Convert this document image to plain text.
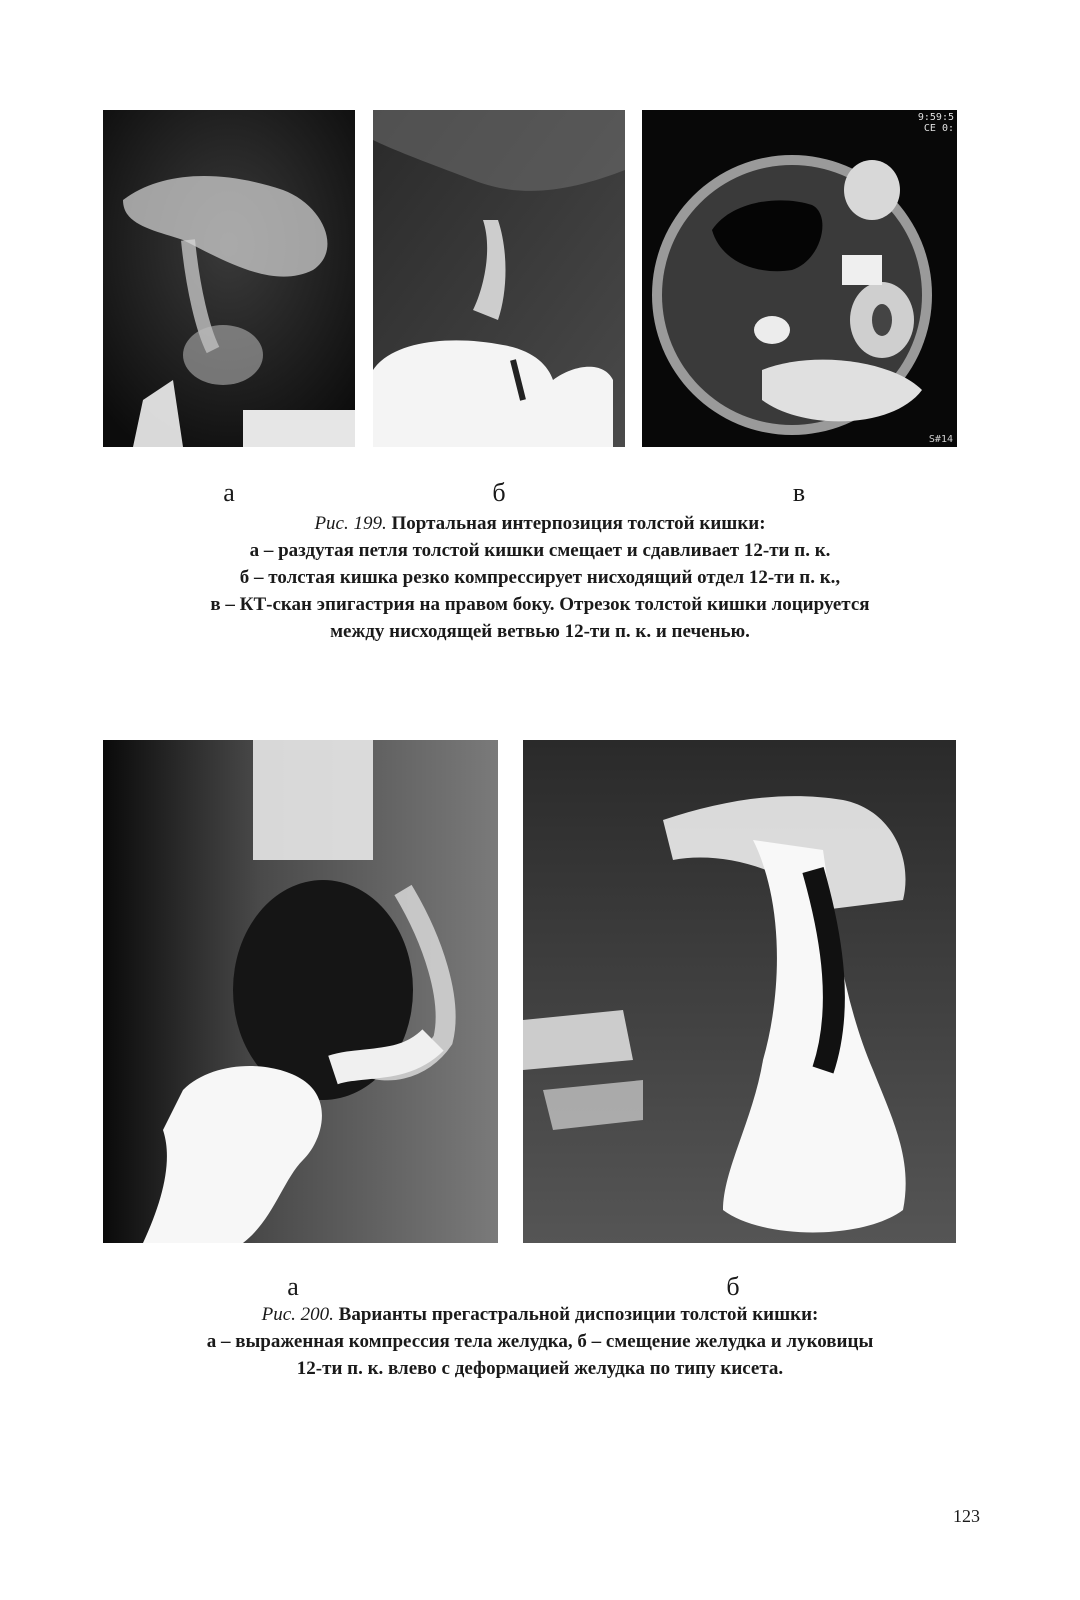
9:59:5
CE 0:
S#14
а	б	в
Рис. 199. Портальная интерпозиция толстой кишки:
а – раздутая петля толстой кишки смещает и сдавливает 12-ти п. к.
б – толстая кишка резко компрессирует нисходящий отдел 12-ти п. к.,
в – КТ-скан эпигастрия на правом боку. Отрезок толстой кишки лоцируется
между нисходящей ветвью 12-ти п. к. и печенью.
а	б
Рис. 200. Варианты прегастральной диспозиции толстой кишки:
а – выраженная компрессия тела желудка, б – смещение желудка и луковицы
12-ти п. к. влево с деформацией желудка по типу кисета.
123
